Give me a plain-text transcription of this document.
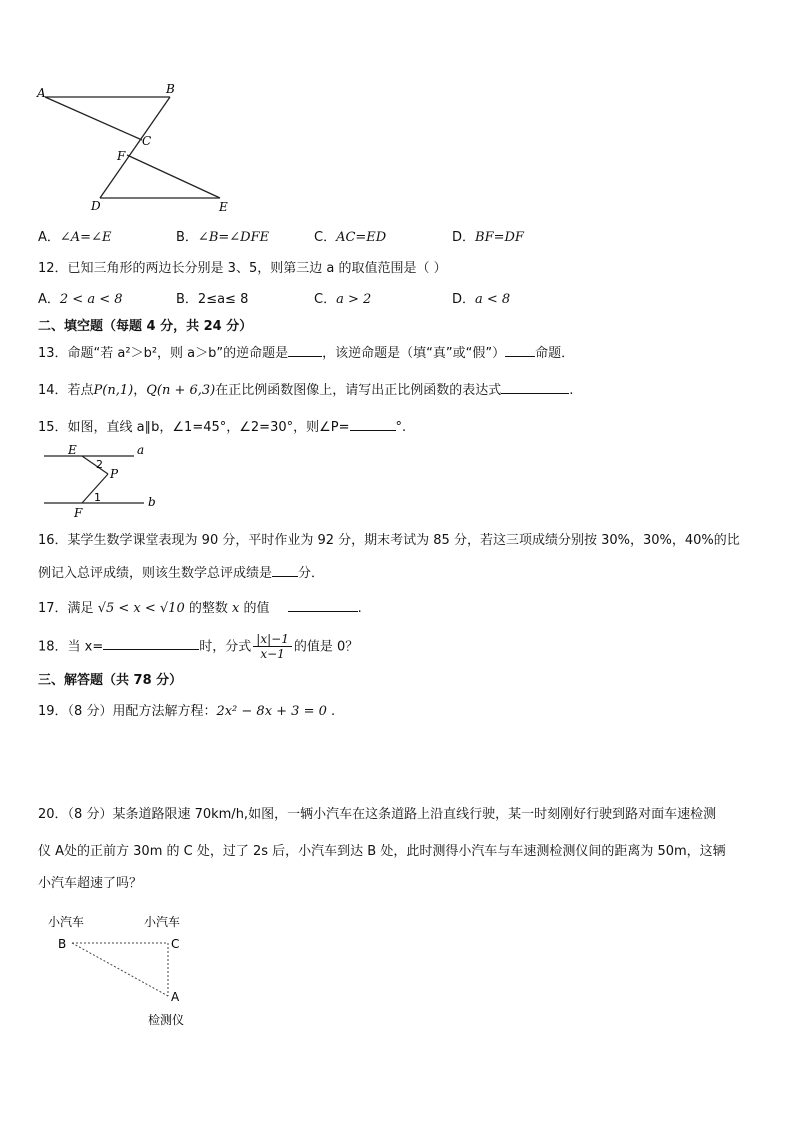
A	B
C
F
D	E
A．∠A=∠E	B．∠B=∠DFE	C．AC=ED	D．BF=DF
12．已知三角形的两边长分别是 3、5，则第三边 a 的取值范围是（ ）
A．2 < a < 8	B．2≤a≤ 8	C．a > 2	D．a < 8
二、填空题（每题 4 分，共 24 分）
13．命题“若 a²＞b²，则 a＞b”的逆命题是	，该逆命题是（填“真”或“假”） 命题．
14．若点P(n,1)，Q(n + 6,3)在正比例函数图像上，请写出正比例函数的表达式	.
15．如图，直线 a∥b，∠1=45°，∠2=30°，则∠P=	°.
E	a
2
P
1	b
F
16．某学生数学课堂表现为 90 分，平时作业为 92 分，期末考试为 85 分，若这三项成绩分别按 30%，30%，40%的比
例记入总评成绩，则该生数学总评成绩是 分．
17．满足 √5 < x < √10 的整数 x 的值	.
18．当 x=	时，分式 $\frac{|x|-1}{x-1}$ 的值是 0？
三、解答题（共 78 分）
19．（8 分）用配方法解方程：2x² − 8x + 3 = 0 .
20．（8 分）某条道路限速 70km/h,如图，一辆小汽车在这条道路上沿直线行驶，某一时刻刚好行驶到路对面车速检测
仪 A处的正前方 30m 的 C 处，过了 2s 后，小汽车到达 B 处，此时测得小汽车与车速测检测仪间的距离为 50m，这辆
小汽车超速了吗？
小汽车	小汽车
B	C
A
检测仪
